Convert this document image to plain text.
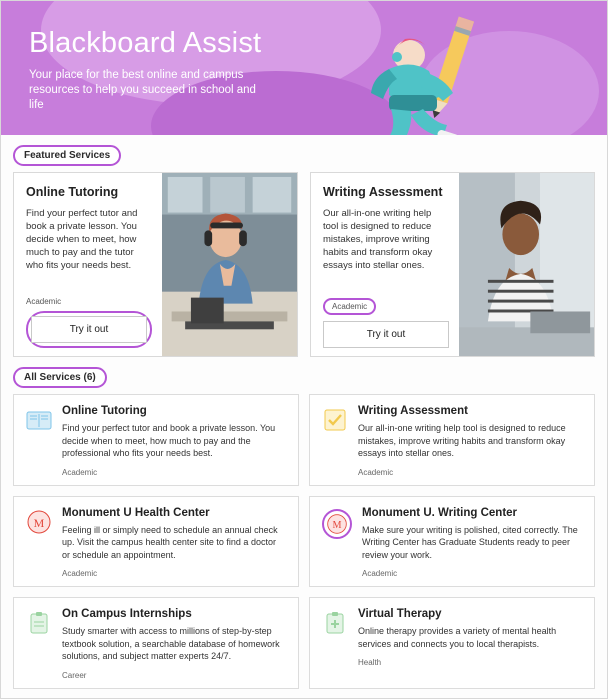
Blackboard Assist
Your place for the best online and campus resources to help you succeed in school and life
Featured Services
Online Tutoring
Find your perfect tutor and book a private lesson. You decide when to meet, how much to pay and the tutor who fits your needs best.
Academic
Try it out
Writing Assessment
Our all-in-one writing help tool is designed to reduce mistakes, improve writing habits and transform okay essays into stellar ones.
Academic
Try it out
All Services (6)
Online Tutoring
Find your perfect tutor and book a private lesson. You decide when to meet, how much to pay and the professional who fits your needs best.
Academic
Writing Assessment
Our all-in-one writing help tool is designed to reduce mistakes, improve writing habits and transform okay essays into stellar ones.
Academic
M
Monument U Health Center
Feeling ill or simply need to schedule an annual check up. Visit the campus health center site to find a doctor or schedule an appointment.
Academic
M
Monument U. Writing Center
Make sure your writing is polished, cited correctly. The Writing Center has Graduate Students ready to peer review your work.
Academic
On Campus Internships
Study smarter with access to millions of step-by-step textbook solution, a searchable database of homework solutions, and subject matter experts 24/7.
Career
Virtual Therapy
Online therapy provides a variety of mental health services and connects you to local therapists.
Health
